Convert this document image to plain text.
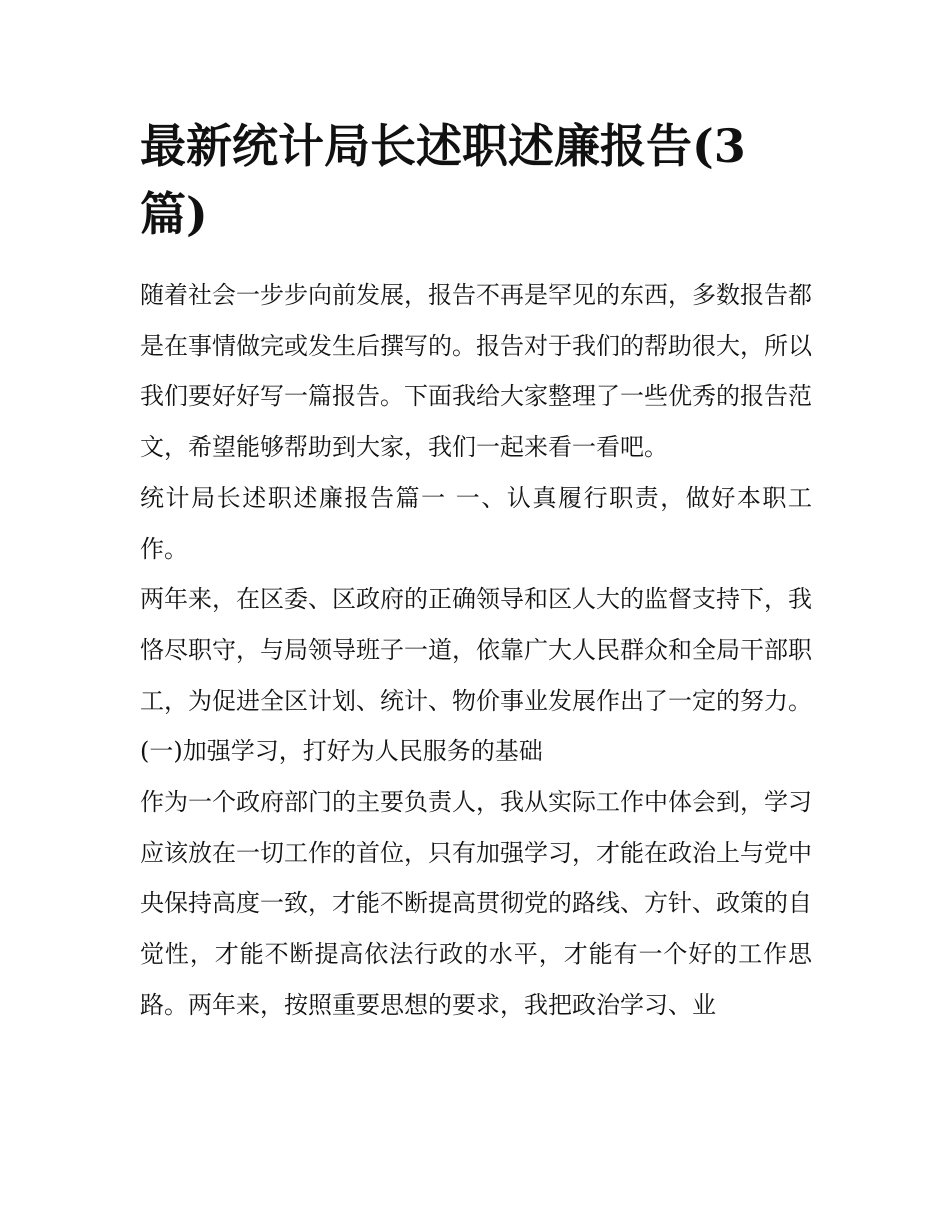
最新统计局长述职述廉报告(3篇)

随着社会一步步向前发展，报告不再是罕见的东西，多数报告都是在事情做完或发生后撰写的。报告对于我们的帮助很大，所以我们要好好写一篇报告。下面我给大家整理了一些优秀的报告范文，希望能够帮助到大家，我们一起来看一看吧。

统计局长述职述廉报告篇一 一、认真履行职责，做好本职工作。

两年来，在区委、区政府的正确领导和区人大的监督支持下，我恪尽职守，与局领导班子一道，依靠广大人民群众和全局干部职工，为促进全区计划、统计、物价事业发展作出了一定的努力。

(一)加强学习，打好为人民服务的基础

作为一个政府部门的主要负责人，我从实际工作中体会到，学习应该放在一切工作的首位，只有加强学习，才能在政治上与党中央保持高度一致，才能不断提高贯彻党的路线、方针、政策的自觉性，才能不断提高依法行政的水平，才能有一个好的工作思路。两年来，按照重要思想的要求，我把政治学习、业
